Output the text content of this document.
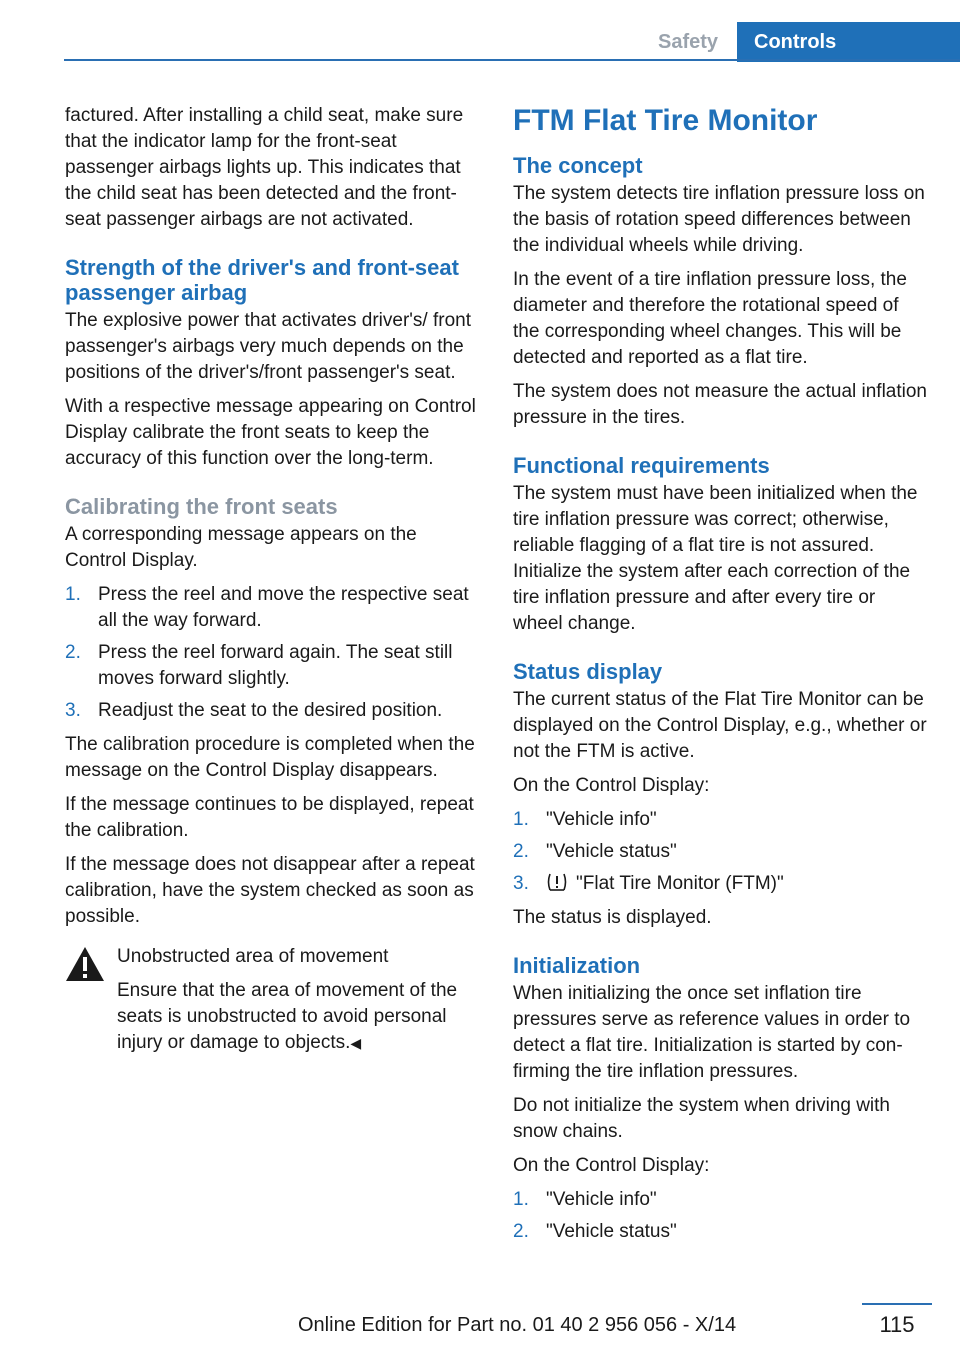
Safety	Controls

factured. After installing a child seat, make sure that the indicator lamp for the front-seat passenger airbags lights up. This indicates that the child seat has been detected and the front-seat passenger airbags are not activated.

Strength of the driver's and front-seat passenger airbag

The explosive power that activates driver's/ front passenger's airbags very much depends on the positions of the driver's/front passenger's seat.

With a respective message appearing on Control Display calibrate the front seats to keep the accuracy of this function over the long-term.

Calibrating the front seats

A corresponding message appears on the Control Display.

1. Press the reel and move the respective seat all the way forward.
2. Press the reel forward again. The seat still moves forward slightly.
3. Readjust the seat to the desired position.

The calibration procedure is completed when the message on the Control Display disappears.

If the message continues to be displayed, repeat the calibration.

If the message does not disappear after a repeat calibration, have the system checked as soon as possible.

Unobstructed area of movement

Ensure that the area of movement of the seats is unobstructed to avoid personal injury or damage to objects.◀

FTM Flat Tire Monitor
The concept

The system detects tire inflation pressure loss on the basis of rotation speed differences between the individual wheels while driving.

In the event of a tire inflation pressure loss, the diameter and therefore the rotational speed of the corresponding wheel changes. This will be detected and reported as a flat tire.

The system does not measure the actual inflation pressure in the tires.

Functional requirements

The system must have been initialized when the tire inflation pressure was correct; otherwise, reliable flagging of a flat tire is not assured. Initialize the system after each correction of the tire inflation pressure and after every tire or wheel change.

Status display

The current status of the Flat Tire Monitor can be displayed on the Control Display, e.g., whether or not the FTM is active.

On the Control Display:

1. "Vehicle info"
2. "Vehicle status"
3.	"Flat Tire Monitor (FTM)"

The status is displayed.

Initialization

When initializing the once set inflation tire pressures serve as reference values in order to detect a flat tire. Initialization is started by confirming the tire inflation pressures.

Do not initialize the system when driving with snow chains.

On the Control Display:

1. "Vehicle info"
2. "Vehicle status"
115
Online Edition for Part no. 01 40 2 956 056 - X/14
